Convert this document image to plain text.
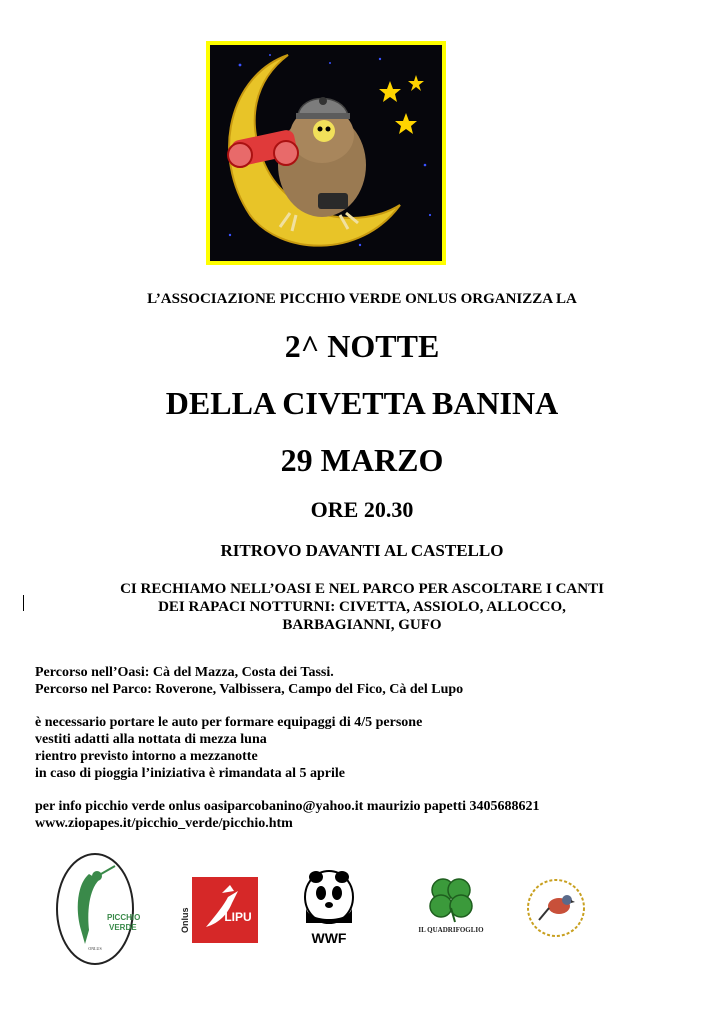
L’ASSOCIAZIONE PICCHIO VERDE ONLUS ORGANIZZA LA
2^ NOTTE
DELLA CIVETTA BANINA
29 MARZO
ORE 20.30
RITROVO DAVANTI AL CASTELLO
CI RECHIAMO NELL’OASI E NEL PARCO PER ASCOLTARE I CANTI
DEI RAPACI NOTTURNI: CIVETTA, ASSIOLO, ALLOCCO,
BARBAGIANNI, GUFO
Percorso nell’Oasi: Cà del Mazza, Costa dei Tassi.
Percorso nel Parco: Roverone, Valbissera, Campo del Fico, Cà del Lupo
è necessario portare le auto per formare equipaggi di 4/5 persone
vestiti adatti alla nottata di mezza luna
rientro previsto intorno a mezzanotte
in caso di pioggia l’iniziativa è rimandata al 5 aprile
per info picchio verde onlus oasiparcobanino@yahoo.it maurizio papetti 3405688621
www.ziopapes.it/picchio_verde/picchio.htm
PICCHIO
VERDE
ONLUS
Onlus	LIPU
WWF	IL QUADRIFOGLIO
